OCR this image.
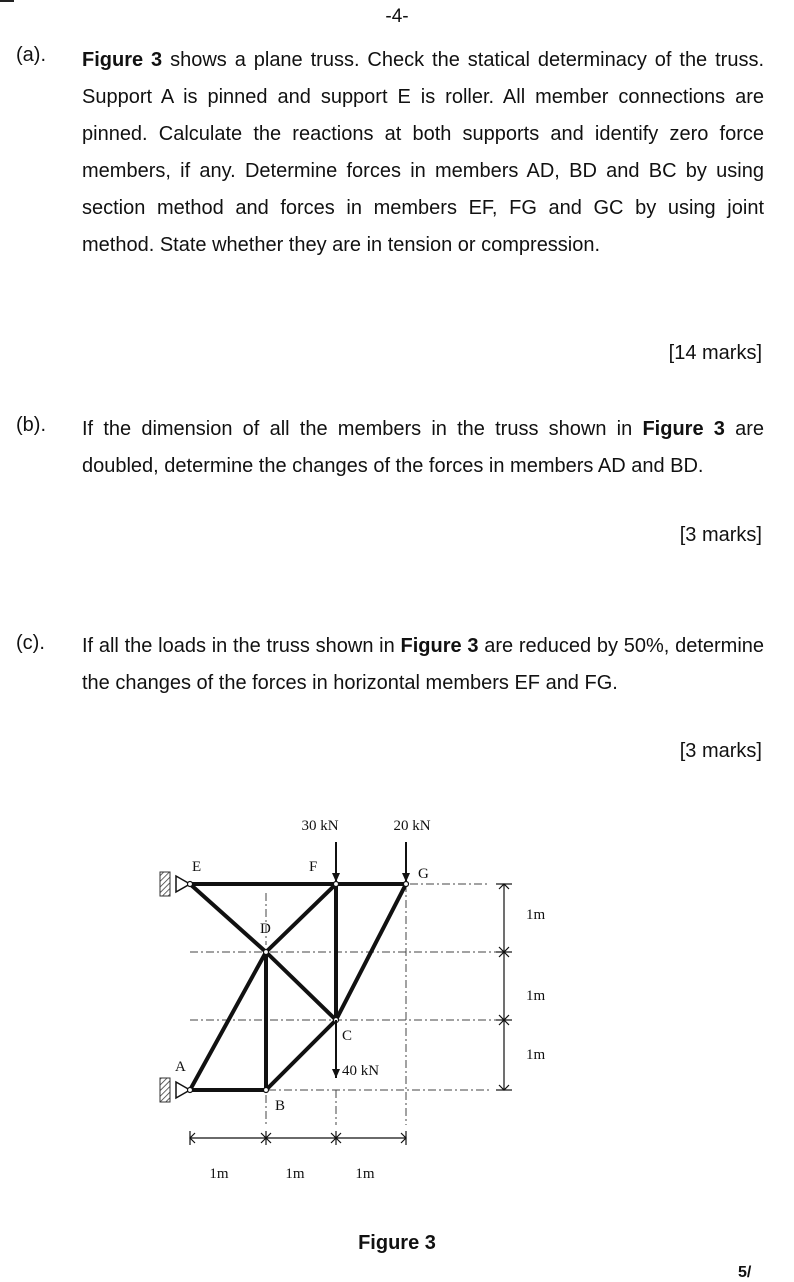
-4-
(a). Figure 3 shows a plane truss. Check the statical determinacy of the truss. Support A is pinned and support E is roller. All member connections are pinned. Calculate the reactions at both supports and identify zero force members, if any. Determine forces in members AD, BD and BC by using section method and forces in members EF, FG and GC by using joint method. State whether they are in tension or compression.

[14 marks]
(b). If the dimension of all the members in the truss shown in Figure 3 are doubled, determine the changes of the forces in members AD and BD.

[3 marks]
(c). If all the loads in the truss shown in Figure 3 are reduced by 50%, determine the changes of the forces in horizontal members EF and FG.

[3 marks]
30 kN	20 kN
40 kN
E	F	G
D
C
A
B
1m
1m
1m
1m	1m	1m
Figure 3
5/
